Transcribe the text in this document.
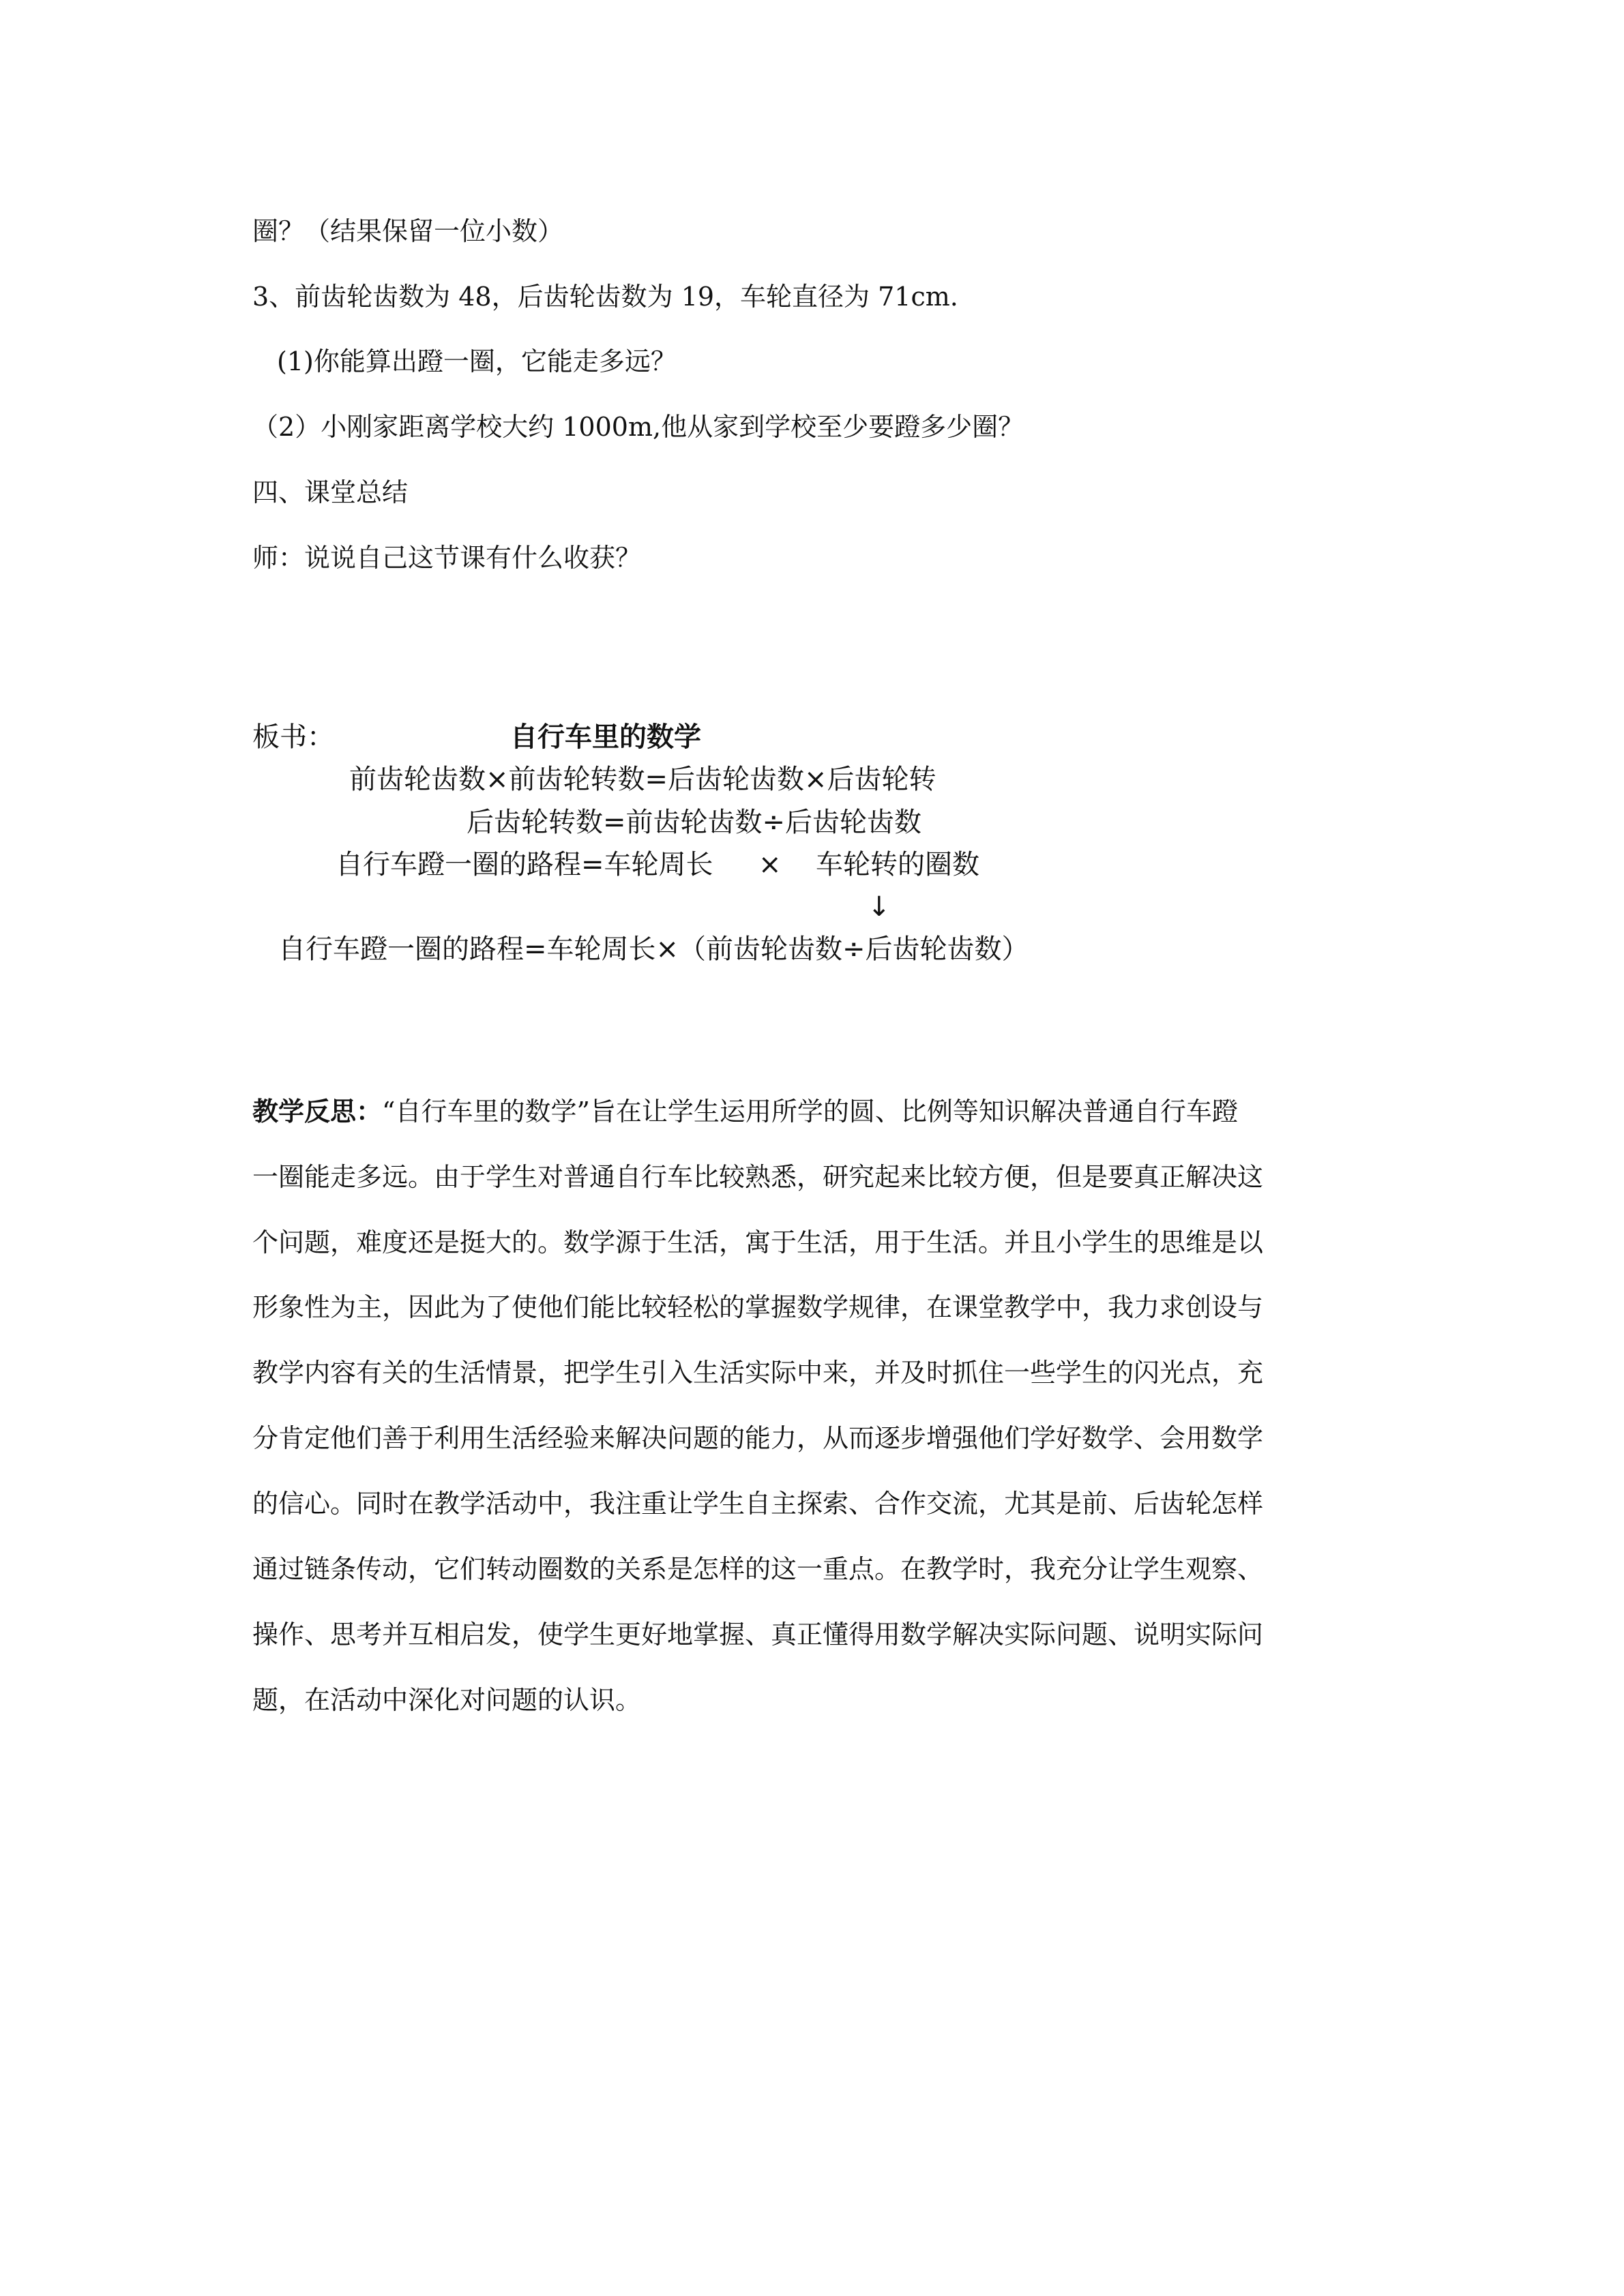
圈？（结果保留一位小数）
3、前齿轮齿数为 48，后齿轮齿数为 19，车轮直径为 71cm.
(1)你能算出蹬一圈，它能走多远？
（2）小刚家距离学校大约 1000m,他从家到学校至少要蹬多少圈？
四、课堂总结
师：说说自己这节课有什么收获？
板书：	自行车里的数学
前齿轮齿数×前齿轮转数=后齿轮齿数×后齿轮转
后齿轮转数=前齿轮齿数÷后齿轮齿数
自行车蹬一圈的路程=车轮周长 × 车轮转的圈数
↓
自行车蹬一圈的路程=车轮周长×（前齿轮齿数÷后齿轮齿数）
教学反思：“自行车里的数学”旨在让学生运用所学的圆、比例等知识解决普通自行车蹬
一圈能走多远。由于学生对普通自行车比较熟悉，研究起来比较方便，但是要真正解决这
个问题，难度还是挺大的。数学源于生活，寓于生活，用于生活。并且小学生的思维是以
形象性为主，因此为了使他们能比较轻松的掌握数学规律，在课堂教学中，我力求创设与
教学内容有关的生活情景，把学生引入生活实际中来，并及时抓住一些学生的闪光点，充
分肯定他们善于利用生活经验来解决问题的能力，从而逐步增强他们学好数学、会用数学
的信心。同时在教学活动中，我注重让学生自主探索、合作交流，尤其是前、后齿轮怎样
通过链条传动，它们转动圈数的关系是怎样的这一重点。在教学时，我充分让学生观察、
操作、思考并互相启发，使学生更好地掌握、真正懂得用数学解决实际问题、说明实际问
题，在活动中深化对问题的认识。
